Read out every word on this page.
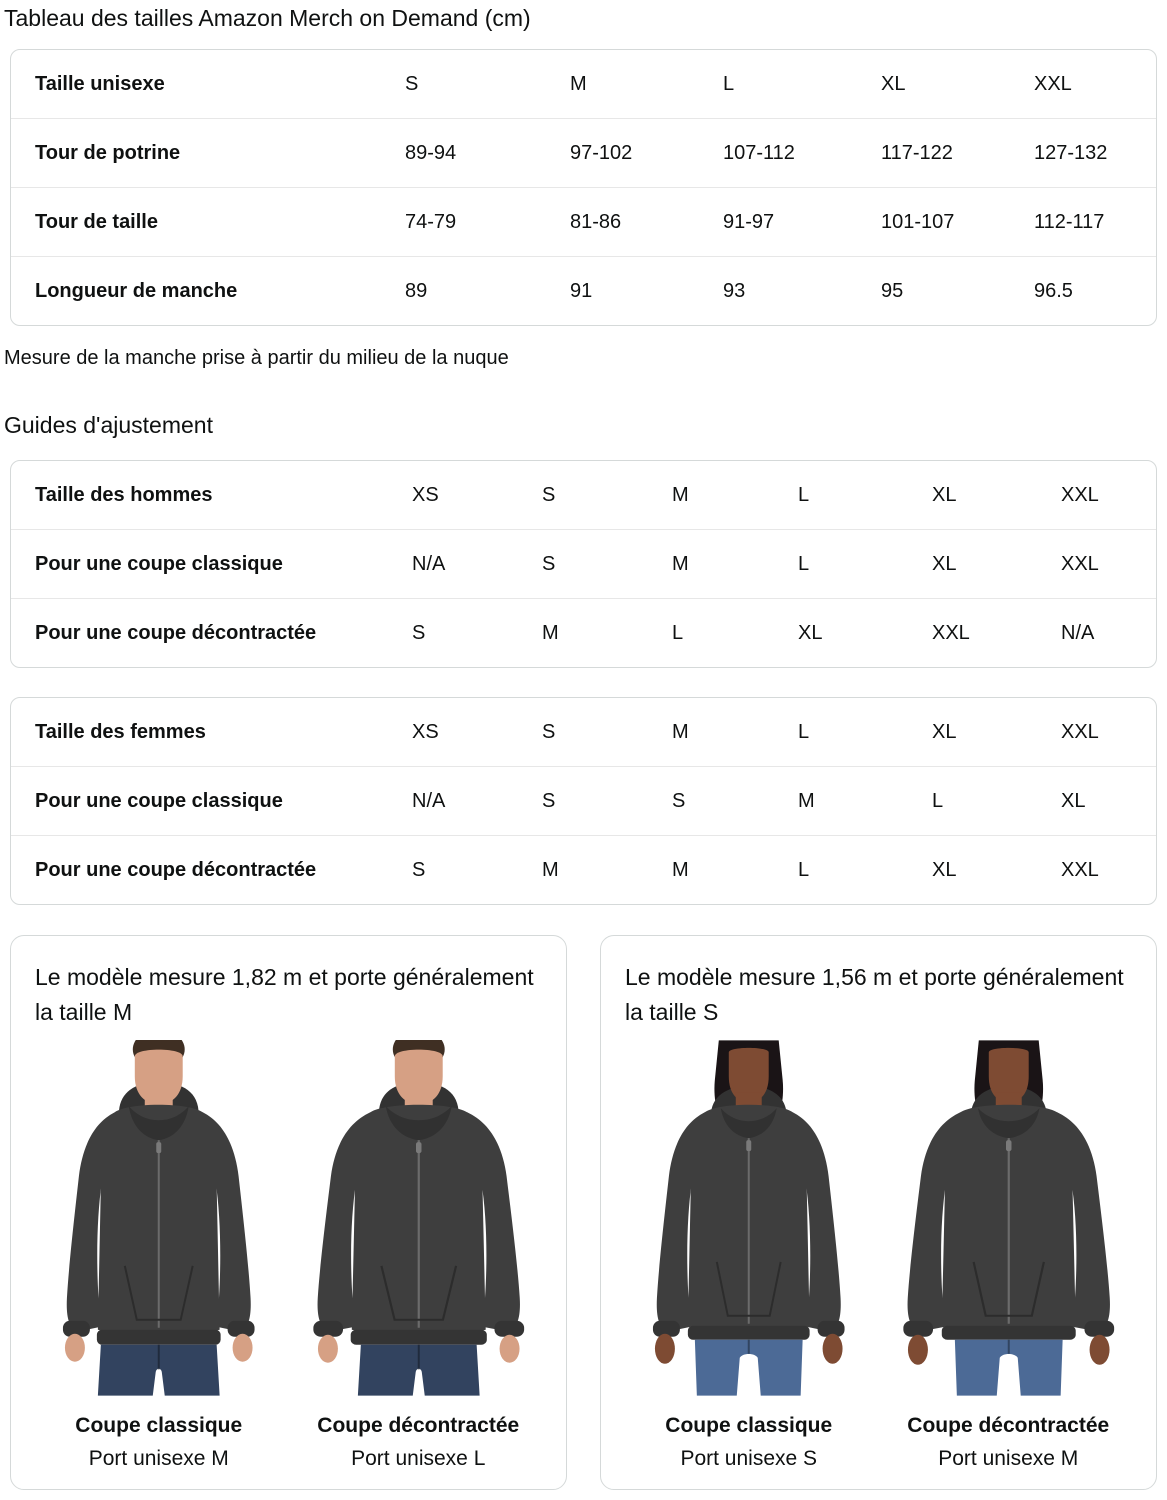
Tableau des tailles Amazon Merch on Demand (cm)
Taille unisexe	S	M	L	XL	XXL
Tour de potrine	89-94	97-102	107-112	117-122	127-132
Tour de taille	74-79	81-86	91-97	101-107	112-117
Longueur de manche	89	91	93	95	96.5
Mesure de la manche prise à partir du milieu de la nuque
Guides d'ajustement
Taille des hommes	XS	S	M	L	XL	XXL
Pour une coupe classique	N/A	S	M	L	XL	XXL
Pour une coupe décontractée	S	M	L	XL	XXL	N/A
Taille des femmes	XS	S	M	L	XL	XXL
Pour une coupe classique	N/A	S	S	M	L	XL
Pour une coupe décontractée	S	M	M	L	XL	XXL
Le modèle mesure 1,82 m et porte généralement la taille M
Coupe classique
Port unisexe M
Coupe décontractée
Port unisexe L
Le modèle mesure 1,56 m et porte généralement la taille S
Coupe classique
Port unisexe S
Coupe décontractée
Port unisexe M
